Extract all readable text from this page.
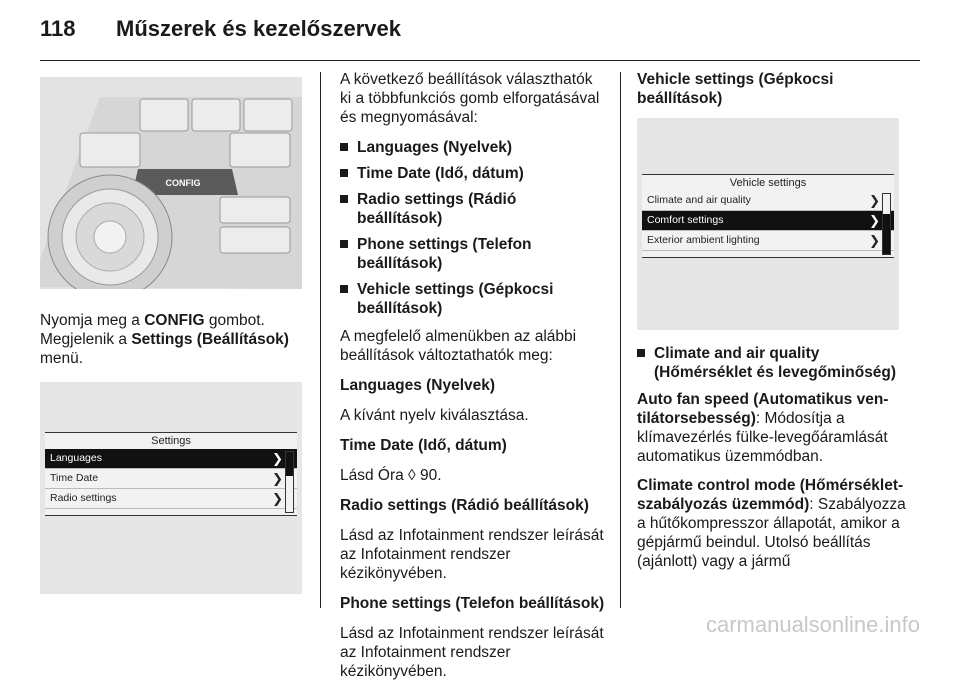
118 Műszerek és kezelőszervek
CONFIG

Nyomja meg a CONFIG gombot.

Megjelenik a Settings (Beállítások) menü.

Settings
Languages	❯
Time Date	❯
Radio settings	❯

A következő beállítások választhatók ki a többfunkciós gomb elforgatásával és megnyomásával:

Languages (Nyelvek)
Time Date (Idő, dátum)
Radio settings (Rádió beállítások)
Phone settings (Telefon beállítások)
Vehicle settings (Gépkocsi beállítások)

A megfelelő almenükben az alábbi beállítások változtathatók meg:

Languages (Nyelvek)

A kívánt nyelv kiválasztása.

Time Date (Idő, dátum)

Lásd Óra ◊ 90.

Radio settings (Rádió beállítások)

Lásd az Infotainment rendszer leírását az Infotainment rendszer kézikönyvében.

Phone settings (Telefon beállítások)

Lásd az Infotainment rendszer leírását az Infotainment rendszer kézikönyvében.

Vehicle settings (Gépkocsi beállítások)

Vehicle settings
Climate and air quality	❯
Comfort settings	❯
Exterior ambient lighting	❯
Climate and air quality (Hőmérséklet és levegőminőség)

Auto fan speed (Automatikus ven-tilátorsebesség): Módosítja a klímavezérlés fülke-levegőáramlását automatikus üzemmódban.

Climate control mode (Hőmérséklet-szabályozás üzemmód): Szabályozza a hűtőkompresszor állapotát, amikor a gépjármű beindul. Utolsó beállítás (ajánlott) vagy a jármű

carmanualsonline.info
